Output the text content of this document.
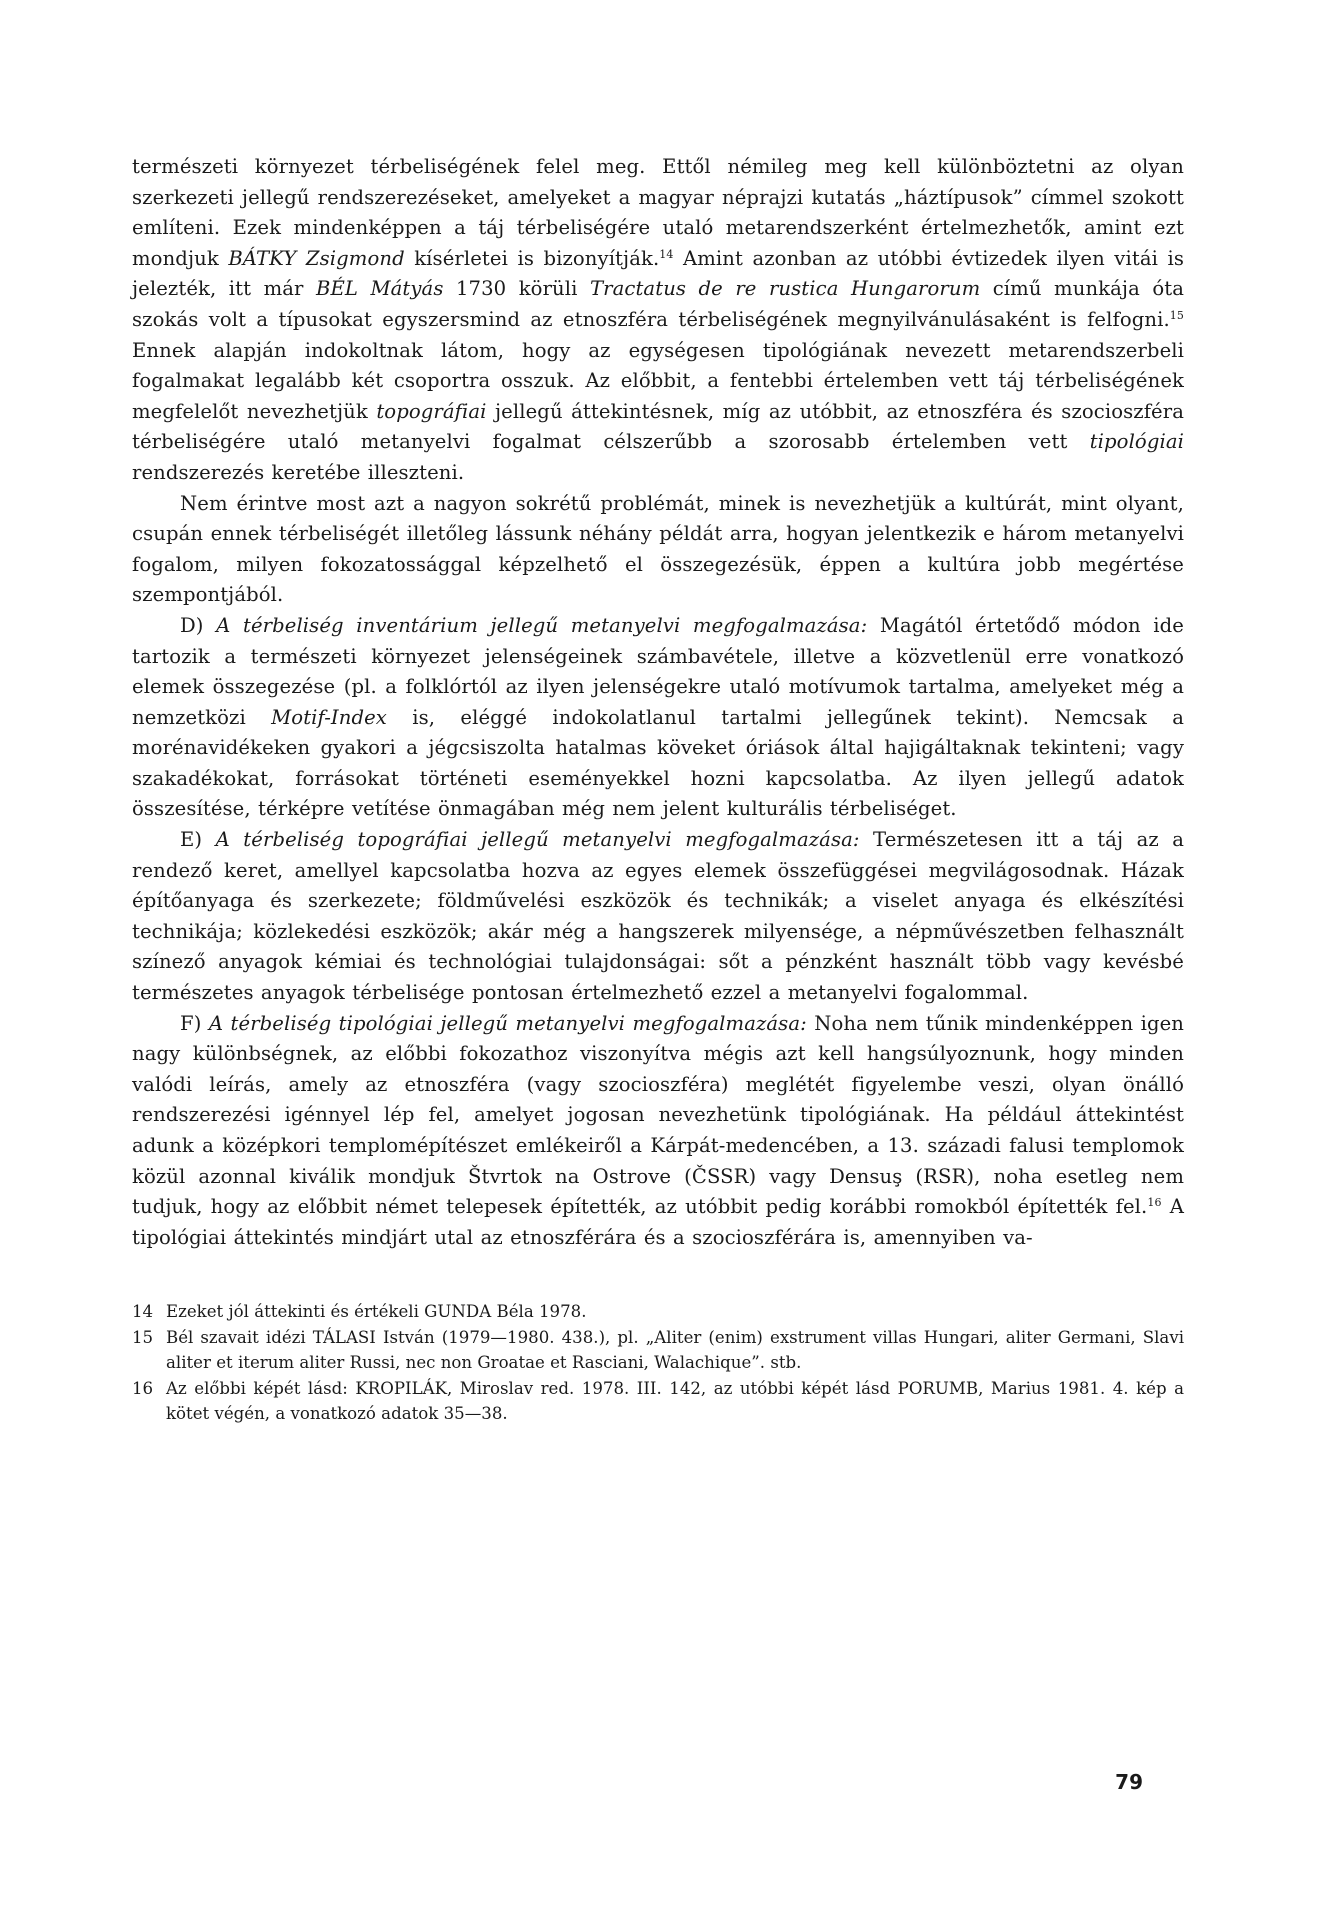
természeti környezet térbeliségének felel meg. Ettől némileg meg kell különböztetni az olyan szerkezeti jellegű rendszerezéseket, amelyeket a magyar néprajzi kutatás „háztípusok” címmel szokott említeni. Ezek mindenképpen a táj térbeliségére utaló metarendszerként értelmezhetők, amint ezt mondjuk BÁTKY Zsigmond kísérletei is bizonyítják.$^{14}$ Amint azonban az utóbbi évtizedek ilyen vitái is jelezték, itt már BÉL Mátyás 1730 körüli Tractatus de re rustica Hungarorum című munkája óta szokás volt a típusokat egyszersmind az etnoszféra térbeliségének megnyilvánulásaként is felfogni.$^{15}$ Ennek alapján indokoltnak látom, hogy az egységesen tipológiának nevezett metarendszerbeli fogalmakat legalább két csoportra osszuk. Az előbbit, a fentebbi értelemben vett táj térbeliségének megfelelőt nevezhetjük topográfiai jellegű áttekintésnek, míg az utóbbit, az etnoszféra és szocioszféra térbeliségére utaló metanyelvi fogalmat célszerűbb a szorosabb értelemben vett tipológiai rendszerezés keretébe illeszteni.

Nem érintve most azt a nagyon sokrétű problémát, minek is nevezhetjük a kultúrát, mint olyant, csupán ennek térbeliségét illetőleg lássunk néhány példát arra, hogyan jelentkezik e három metanyelvi fogalom, milyen fokozatossággal képzelhető el összegezésük, éppen a kultúra jobb megértése szempontjából.

D) A térbeliség inventárium jellegű metanyelvi megfogalmazása: Magától értetődő módon ide tartozik a természeti környezet jelenségeinek számbavétele, illetve a közvetlenül erre vonatkozó elemek összegezése (pl. a folklórtól az ilyen jelenségekre utaló motívumok tartalma, amelyeket még a nemzetközi Motif-Index is, eléggé indokolatlanul tartalmi jellegűnek tekint). Nemcsak a morénavidékeken gyakori a jégcsiszolta hatalmas köveket óriások által hajigáltaknak tekinteni; vagy szakadékokat, forrásokat történeti eseményekkel hozni kapcsolatba. Az ilyen jellegű adatok összesítése, térképre vetítése önmagában még nem jelent kulturális térbeliséget.

E) A térbeliség topográfiai jellegű metanyelvi megfogalmazása: Természetesen itt a táj az a rendező keret, amellyel kapcsolatba hozva az egyes elemek összefüggései megvilágosodnak. Házak építőanyaga és szerkezete; földművelési eszközök és technikák; a viselet anyaga és elkészítési technikája; közlekedési eszközök; akár még a hangszerek milyensége, a népművészetben felhasznált színező anyagok kémiai és technológiai tulajdonságai: sőt a pénzként használt több vagy kevésbé természetes anyagok térbelisége pontosan értelmezhető ezzel a metanyelvi fogalommal.

F) A térbeliség tipológiai jellegű metanyelvi megfogalmazása: Noha nem tűnik mindenképpen igen nagy különbségnek, az előbbi fokozathoz viszonyítva mégis azt kell hangsúlyoznunk, hogy minden valódi leírás, amely az etnoszféra (vagy szocioszféra) meglétét figyelembe veszi, olyan önálló rendszerezési igénnyel lép fel, amelyet jogosan nevezhetünk tipológiának. Ha például áttekintést adunk a középkori templomépítészet emlékeiről a Kárpát-medencében, a 13. századi falusi templomok közül azonnal kiválik mondjuk Štvrtok na Ostrove (ČSSR) vagy Densuş (RSR), noha esetleg nem tudjuk, hogy az előbbit német telepesek építették, az utóbbit pedig korábbi romokból építették fel.$^{16}$ A tipológiai áttekintés mindjárt utal az etnoszférára és a szocioszférára is, amennyiben va-

14 Ezeket jól áttekinti és értékeli GUNDA Béla 1978.
15 Bél szavait idézi TÁLASI István (1979—1980. 438.), pl. „Aliter (enim) exstrument villas Hungari, aliter Germani, Slavi aliter et iterum aliter Russi, nec non Groatae et Rasciani, Walachique”. stb.
16 Az előbbi képét lásd: KROPILÁK, Miroslav red. 1978. III. 142, az utóbbi képét lásd PORUMB, Marius 1981. 4. kép a kötet végén, a vonatkozó adatok 35—38.
79
